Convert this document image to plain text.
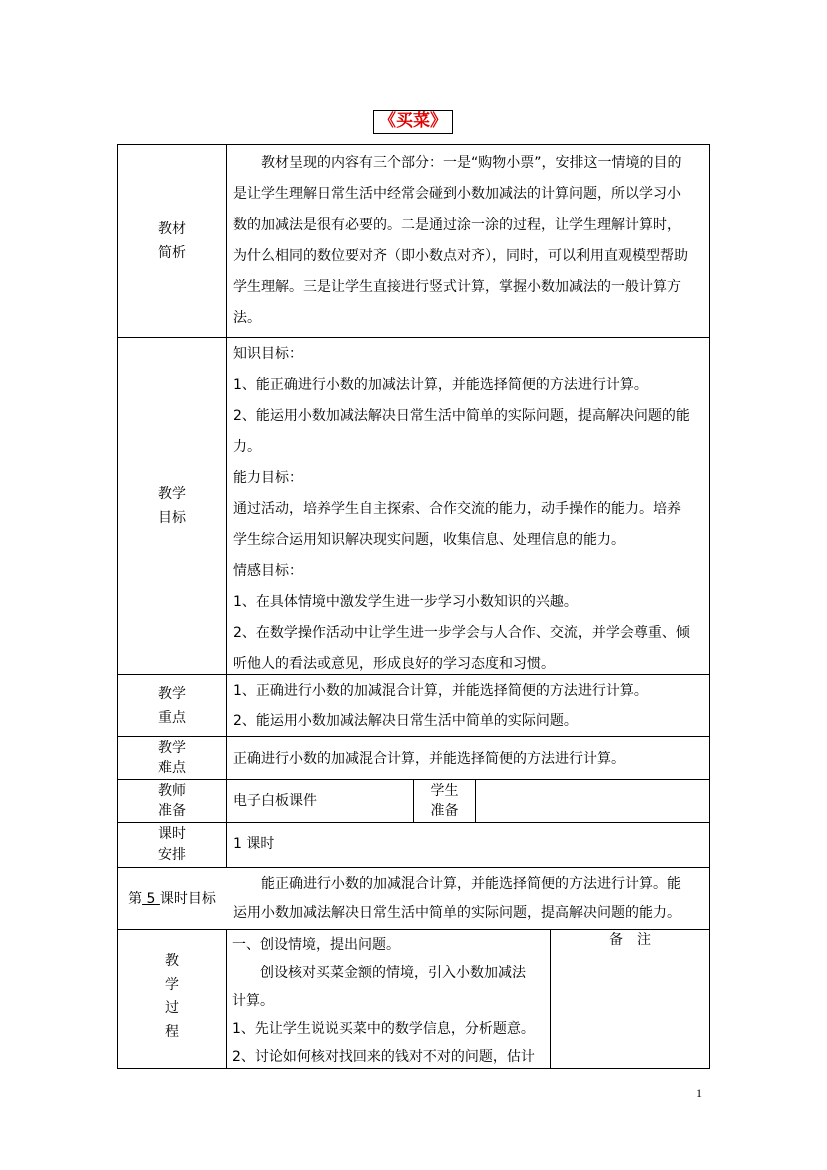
《买菜》
教材
简析

教材呈现的内容有三个部分：一是“购物小票”，安排这一情境的目的

是让学生理解日常生活中经常会碰到小数加减法的计算问题，所以学习小

数的加减法是很有必要的。二是通过涂一涂的过程，让学生理解计算时，

为什么相同的数位要对齐（即小数点对齐），同时，可以利用直观模型帮助

学生理解。三是让学生直接进行竖式计算，掌握小数加减法的一般计算方

法。

教学
目标

知识目标：

1、能正确进行小数的加减法计算，并能选择简便的方法进行计算。

2、能运用小数加减法解决日常生活中简单的实际问题，提高解决问题的能

力。

能力目标：

通过活动，培养学生自主探索、合作交流的能力，动手操作的能力。培养

学生综合运用知识解决现实问题，收集信息、处理信息的能力。

情感目标：

1、在具体情境中激发学生进一步学习小数知识的兴趣。

2、在数学操作活动中让学生进一步学会与人合作、交流，并学会尊重、倾

听他人的看法或意见，形成良好的学习态度和习惯。

教学
重点

1、正确进行小数的加减混合计算，并能选择简便的方法进行计算。

2、能运用小数加减法解决日常生活中简单的实际问题。

教学
难点

正确进行小数的加减混合计算，并能选择简便的方法进行计算。

教师
准备

电子白板课件

学生
准备

课时
安排

1 课时

第 5 课时目标

能正确进行小数的加减混合计算，并能选择简便的方法进行计算。能

运用小数加减法解决日常生活中简单的实际问题，提高解决问题的能力。

教
学
过
程

一、创设情境，提出问题。

创设核对买菜金额的情境，引入小数加减法

计算。

1、先让学生说说买菜中的数学信息，分析题意。

2、讨论如何核对找回来的钱对不对的问题，估计

备　注
1
